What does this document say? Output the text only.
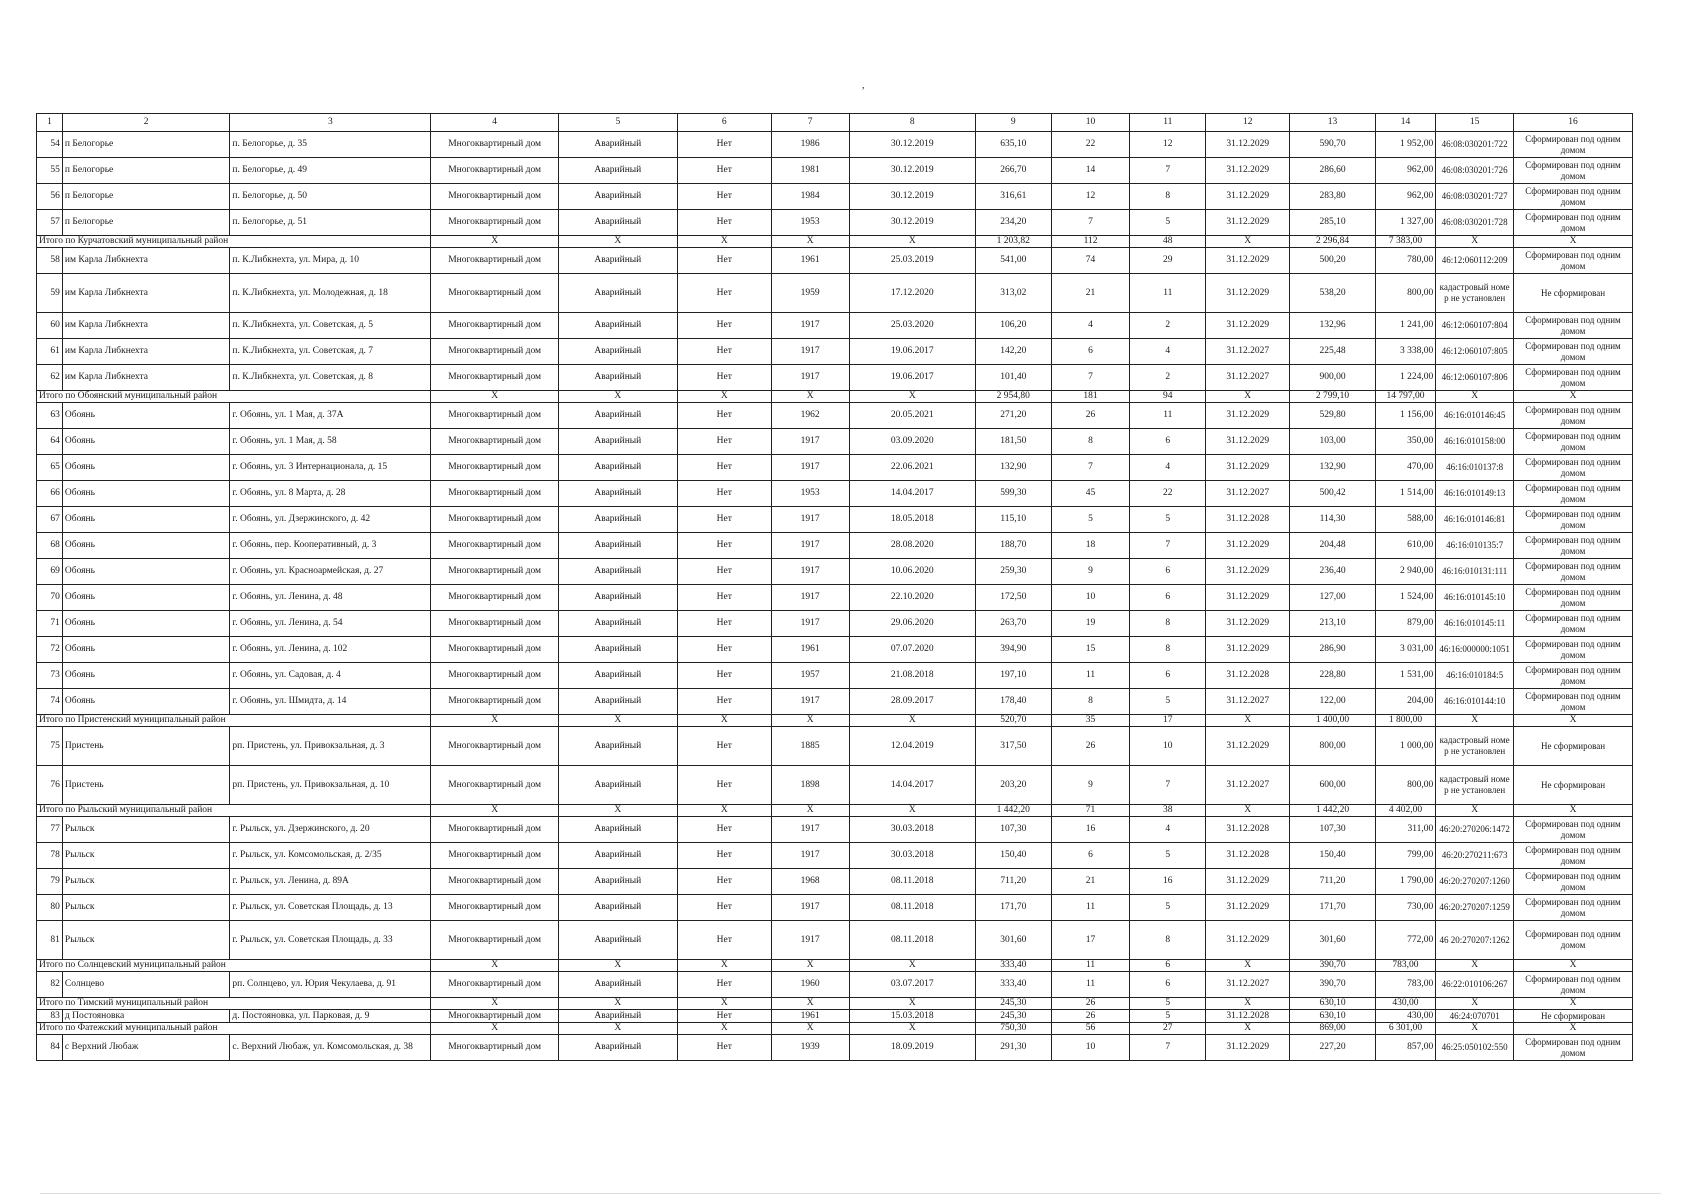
,
1	2	3	4	5	6	7	8	9	10	11	12	13	14	15	16
54	п Белогорье	п. Белогорье, д. 35	Многоквартирный дом	Аварийный	Нет	1986	30.12.2019	635,10	22	12	31.12.2029	590,70	1 952,00	46:08:030201:722	Сформирован под одним домом
55	п Белогорье	п. Белогорье, д. 49	Многоквартирный дом	Аварийный	Нет	1981	30.12.2019	266,70	14	7	31.12.2029	286,60	962,00	46:08:030201:726	Сформирован под одним домом
56	п Белогорье	п. Белогорье, д. 50	Многоквартирный дом	Аварийный	Нет	1984	30.12.2019	316,61	12	8	31.12.2029	283,80	962,00	46:08:030201:727	Сформирован под одним домом
57	п Белогорье	п. Белогорье, д. 51	Многоквартирный дом	Аварийный	Нет	1953	30.12.2019	234,20	7	5	31.12.2029	285,10	1 327,00	46:08:030201:728	Сформирован под одним домом
Итого по Курчатовский муниципальный район			X	X	X	X	X	1 203,82	112	48	X	2 296,84	7 383,00	X	X
58	им Карла Либкнехта	п. К.Либкнехта, ул. Мира, д. 10	Многоквартирный дом	Аварийный	Нет	1961	25.03.2019	541,00	74	29	31.12.2029	500,20	780,00	46:12:060112:209	Сформирован под одним домом
59	им Карла Либкнехта	п. К.Либкнехта, ул. Молодежная, д. 18	Многоквартирный дом	Аварийный	Нет	1959	17.12.2020	313,02	21	11	31.12.2029	538,20	800,00	кадастровый номер не установлен	Не сформирован
60	им Карла Либкнехта	п. К.Либкнехта, ул. Советская, д. 5	Многоквартирный дом	Аварийный	Нет	1917	25.03.2020	106,20	4	2	31.12.2029	132,96	1 241,00	46:12:060107:804	Сформирован под одним домом
61	им Карла Либкнехта	п. К.Либкнехта, ул. Советская, д. 7	Многоквартирный дом	Аварийный	Нет	1917	19.06.2017	142,20	6	4	31.12.2027	225,48	3 338,00	46:12:060107:805	Сформирован под одним домом
62	им Карла Либкнехта	п. К.Либкнехта, ул. Советская, д. 8	Многоквартирный дом	Аварийный	Нет	1917	19.06.2017	101,40	7	2	31.12.2027	900,00	1 224,00	46:12:060107:806	Сформирован под одним домом
Итого по Обоянский муниципальный район			X	X	X	X	X	2 954,80	181	94	X	2 799,10	14 797,00	X	X
63	Обоянь	г. Обоянь, ул. 1 Мая, д. 37А	Многоквартирный дом	Аварийный	Нет	1962	20.05.2021	271,20	26	11	31.12.2029	529,80	1 156,00	46:16:010146:45	Сформирован под одним домом
64	Обоянь	г. Обоянь, ул. 1 Мая, д. 58	Многоквартирный дом	Аварийный	Нет	1917	03.09.2020	181,50	8	6	31.12.2029	103,00	350,00	46:16:010158:00	Сформирован под одним домом
65	Обоянь	г. Обоянь, ул. 3 Интернационала, д. 15	Многоквартирный дом	Аварийный	Нет	1917	22.06.2021	132,90	7	4	31.12.2029	132,90	470,00	46:16:010137:8	Сформирован под одним домом
66	Обоянь	г. Обоянь, ул. 8 Марта, д. 28	Многоквартирный дом	Аварийный	Нет	1953	14.04.2017	599,30	45	22	31.12.2027	500,42	1 514,00	46:16:010149:13	Сформирован под одним домом
67	Обоянь	г. Обоянь, ул. Дзержинского, д. 42	Многоквартирный дом	Аварийный	Нет	1917	18.05.2018	115,10	5	5	31.12.2028	114,30	588,00	46:16:010146:81	Сформирован под одним домом
68	Обоянь	г. Обоянь, пер. Кооперативный, д. 3	Многоквартирный дом	Аварийный	Нет	1917	28.08.2020	188,70	18	7	31.12.2029	204,48	610,00	46:16:010135:7	Сформирован под одним домом
69	Обоянь	г. Обоянь, ул. Красноармейская, д. 27	Многоквартирный дом	Аварийный	Нет	1917	10.06.2020	259,30	9	6	31.12.2029	236,40	2 940,00	46:16:010131:111	Сформирован под одним домом
70	Обоянь	г. Обоянь, ул. Ленина, д. 48	Многоквартирный дом	Аварийный	Нет	1917	22.10.2020	172,50	10	6	31.12.2029	127,00	1 524,00	46:16:010145:10	Сформирован под одним домом
71	Обоянь	г. Обоянь, ул. Ленина, д. 54	Многоквартирный дом	Аварийный	Нет	1917	29.06.2020	263,70	19	8	31.12.2029	213,10	879,00	46:16:010145:11	Сформирован под одним домом
72	Обоянь	г. Обоянь, ул. Ленина, д. 102	Многоквартирный дом	Аварийный	Нет	1961	07.07.2020	394,90	15	8	31.12.2029	286,90	3 031,00	46:16:000000:1051	Сформирован под одним домом
73	Обоянь	г. Обоянь, ул. Садовая, д. 4	Многоквартирный дом	Аварийный	Нет	1957	21.08.2018	197,10	11	6	31.12.2028	228,80	1 531,00	46:16:010184:5	Сформирован под одним домом
74	Обоянь	г. Обоянь, ул. Шмидта, д. 14	Многоквартирный дом	Аварийный	Нет	1917	28.09.2017	178,40	8	5	31.12.2027	122,00	204,00	46:16:010144:10	Сформирован под одним домом
Итого по Пристенский муниципальный район			X	X	X	X	X	520,70	35	17	X	1 400,00	1 800,00	X	X
75	Пристень	рп. Пристень, ул. Привокзальная, д. 3	Многоквартирный дом	Аварийный	Нет	1885	12.04.2019	317,50	26	10	31.12.2029	800,00	1 000,00	кадастровый номер не установлен	Не сформирован
76	Пристень	рп. Пристень, ул. Привокзальная, д. 10	Многоквартирный дом	Аварийный	Нет	1898	14.04.2017	203,20	9	7	31.12.2027	600,00	800,00	кадастровый номер не установлен	Не сформирован
Итого по Рыльский муниципальный район			X	X	X	X	X	1 442,20	71	38	X	1 442,20	4 402,00	X	X
77	Рыльск	г. Рыльск, ул. Дзержинского, д. 20	Многоквартирный дом	Аварийный	Нет	1917	30.03.2018	107,30	16	4	31.12.2028	107,30	311,00	46:20:270206:1472	Сформирован под одним домом
78	Рыльск	г. Рыльск, ул. Комсомольская, д. 2/35	Многоквартирный дом	Аварийный	Нет	1917	30.03.2018	150,40	6	5	31.12.2028	150,40	799,00	46:20:270211:673	Сформирован под одним домом
79	Рыльск	г. Рыльск, ул. Ленина, д. 89А	Многоквартирный дом	Аварийный	Нет	1968	08.11.2018	711,20	21	16	31.12.2029	711,20	1 790,00	46:20:270207:1260	Сформирован под одним домом
80	Рыльск	г. Рыльск, ул. Советская Площадь, д. 13	Многоквартирный дом	Аварийный	Нет	1917	08.11.2018	171,70	11	5	31.12.2029	171,70	730,00	46:20:270207:1259	Сформирован под одним домом
81	Рыльск	г. Рыльск, ул. Советская Площадь, д. 33	Многоквартирный дом	Аварийный	Нет	1917	08.11.2018	301,60	17	8	31.12.2029	301,60	772,00	46 20:270207:1262	Сформирован под одним домом
Итого по Солнцевский муниципальный район			X	X	X	X	X	333,40	11	6	X	390,70	783,00	X	X
82	Солнцево	рп. Солнцево, ул. Юрия Чекулаева, д. 91	Многоквартирный дом	Аварийный	Нет	1960	03.07.2017	333,40	11	6	31.12.2027	390,70	783,00	46:22:010106:267	Сформирован под одним домом
Итого по Тимский муниципальный район			X	X	X	X	X	245,30	26	5	X	630,10	430,00	X	X
83	д Постояновка	д. Постояновка, ул. Парковая, д. 9	Многоквартирный дом	Аварийный	Нет	1961	15.03.2018	245,30	26	5	31.12.2028	630,10	430,00	46:24:070701	Не сформирован
Итого по Фатежский муниципальный район			X	X	X	X	X	750,30	56	27	X	869,00	6 301,00	X	X
84	с Верхний Любаж	с. Верхний Любаж, ул. Комсомольская, д. 38	Многоквартирный дом	Аварийный	Нет	1939	18.09.2019	291,30	10	7	31.12.2029	227,20	857,00	46:25:050102:550	Сформирован под одним домом
